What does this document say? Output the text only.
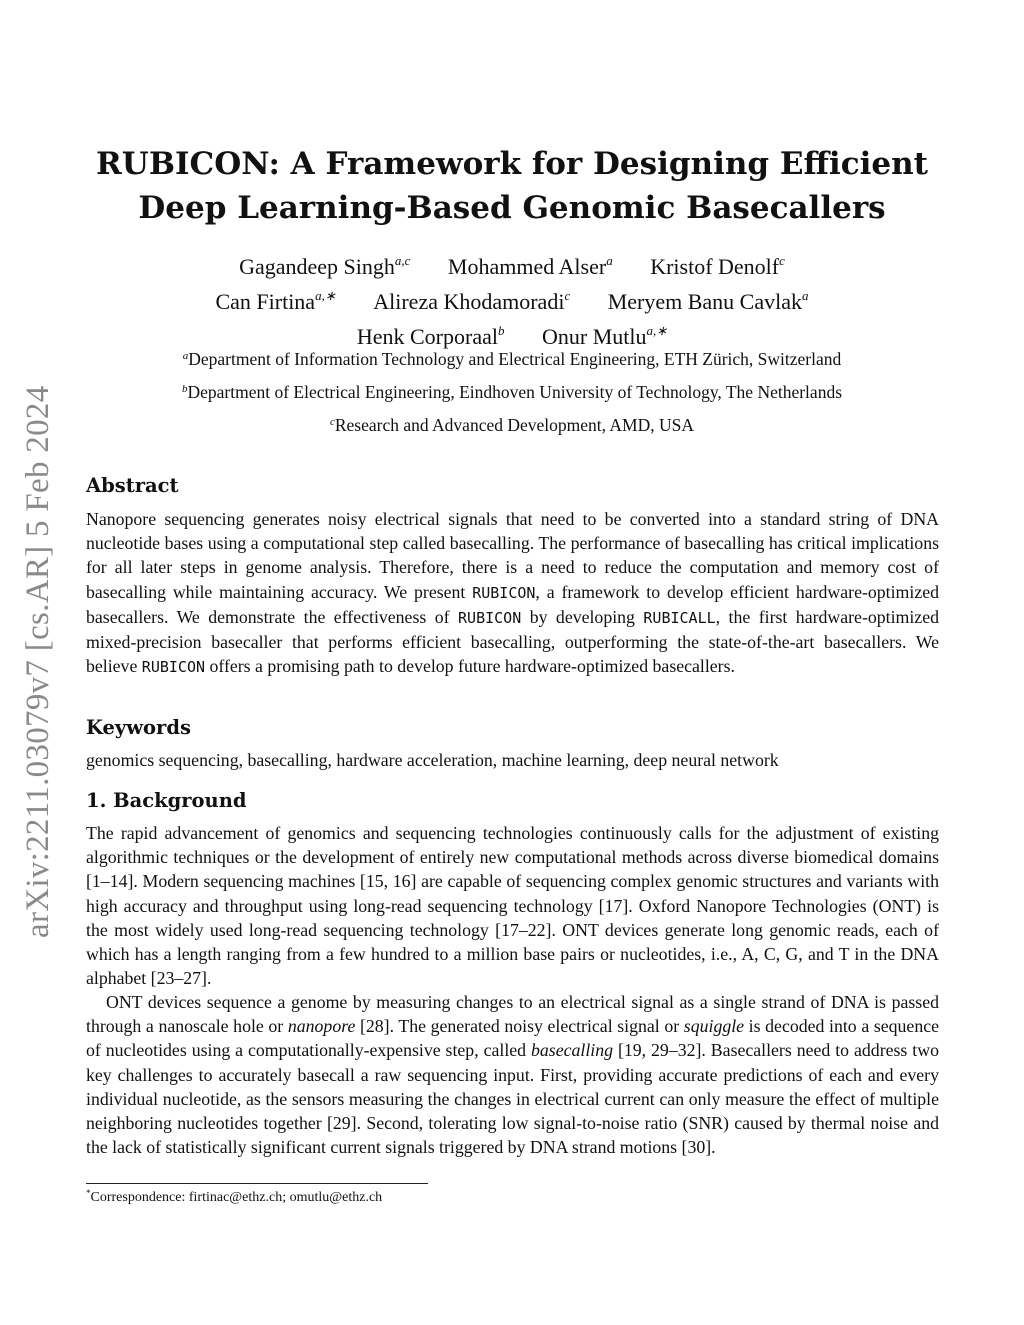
arXiv:2211.03079v7 [cs.AR] 5 Feb 2024
RUBICON: A Framework for Designing Efficient
Deep Learning-Based Genomic Basecallers
Gagandeep Singh$^{a,c}$ Mohammed Alser$^a$ Kristof Denolf$^c$
Can Firtina$^{a,∗}$ Alireza Khodamoradi$^c$ Meryem Banu Cavlak$^a$
Henk Corporaal$^b$ Onur Mutlu$^{a,∗}$
$^a$Department of Information Technology and Electrical Engineering, ETH Zürich, Switzerland
$^b$Department of Electrical Engineering, Eindhoven University of Technology, The Netherlands
$^c$Research and Advanced Development, AMD, USA
Abstract

Nanopore sequencing generates noisy electrical signals that need to be converted into a standard string of DNA nucleotide bases using a computational step called basecalling. The performance of basecalling has critical implications for all later steps in genome analysis. Therefore, there is a need to reduce the computation and memory cost of basecalling while maintaining accuracy. We present RUBICON, a framework to develop efficient hardware-optimized basecallers. We demonstrate the effectiveness of RUBICON by developing RUBICALL, the first hardware-optimized mixed-precision basecaller that performs efficient basecalling, outperforming the state-of-the-art basecallers. We believe RUBICON offers a promising path to develop future hardware-optimized basecallers.

Keywords

genomics sequencing, basecalling, hardware acceleration, machine learning, deep neural network

1. Background

The rapid advancement of genomics and sequencing technologies continuously calls for the adjustment of existing algorithmic techniques or the development of entirely new computational methods across diverse biomedical domains [1–14]. Modern sequencing machines [15, 16] are capable of sequencing complex genomic structures and variants with high accuracy and throughput using long-read sequencing technology [17]. Oxford Nanopore Technologies (ONT) is the most widely used long-read sequencing technology [17–22]. ONT devices generate long genomic reads, each of which has a length ranging from a few hundred to a million base pairs or nucleotides, i.e., A, C, G, and T in the DNA alphabet [23–27].

ONT devices sequence a genome by measuring changes to an electrical signal as a single strand of DNA is passed through a nanoscale hole or nanopore [28]. The generated noisy electrical signal or squiggle is decoded into a sequence of nucleotides using a computationally-expensive step, called basecalling [19, 29–32]. Basecallers need to address two key challenges to accurately basecall a raw sequencing input. First, providing accurate predictions of each and every individual nucleotide, as the sensors measuring the changes in electrical current can only measure the effect of multiple neighboring nucleotides together [29]. Second, tolerating low signal-to-noise ratio (SNR) caused by thermal noise and the lack of statistically significant current signals triggered by DNA strand motions [30].

*Correspondence: firtinac@ethz.ch; omutlu@ethz.ch
